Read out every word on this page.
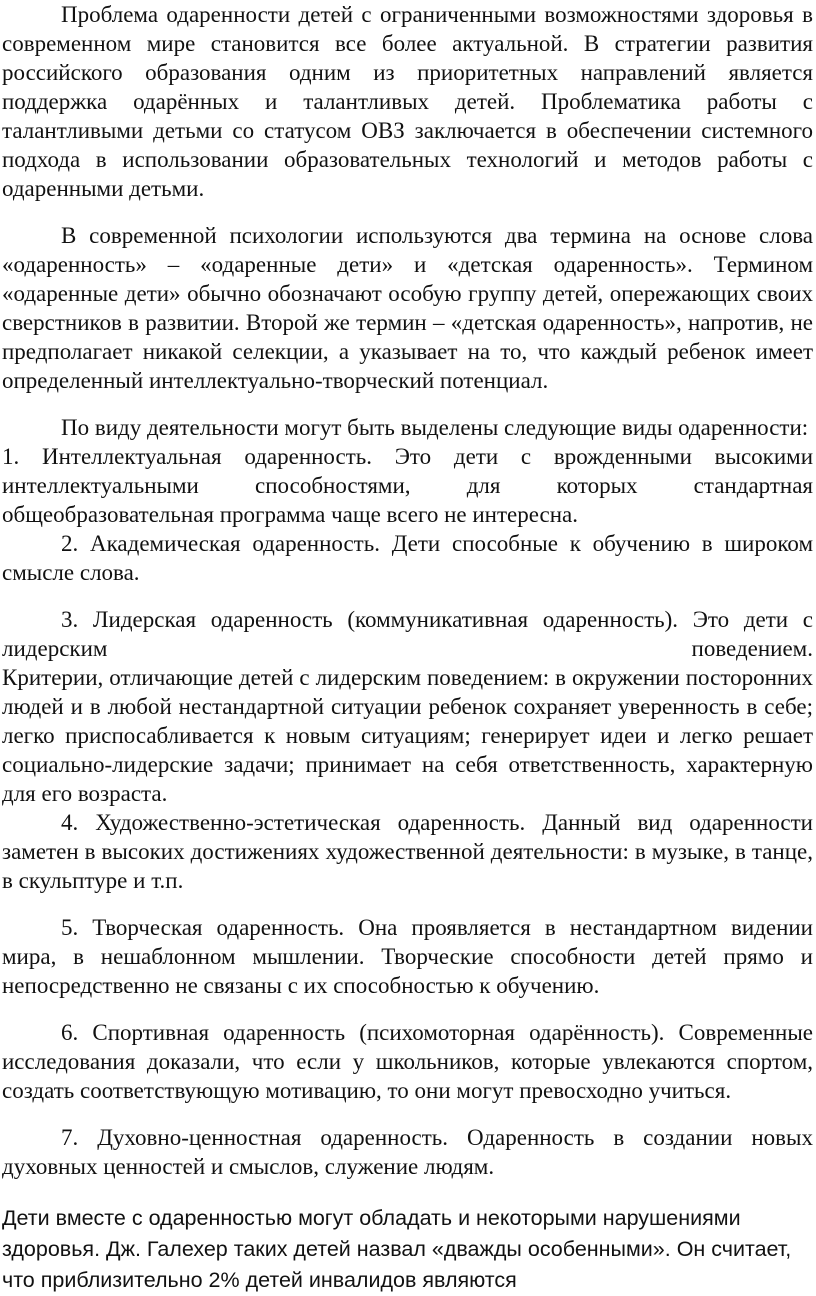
Проблема одаренности детей с ограниченными возможностями здоровья в современном мире становится все более актуальной. В стратегии развития российского образования одним из приоритетных направлений является поддержка одарённых и талантливых детей. Проблематика работы с талантливыми детьми со статусом ОВЗ заключается в обеспечении системного подхода в использовании образовательных технологий и методов работы с одаренными детьми.

В современной психологии используются два термина на основе слова «одаренность» – «одаренные дети» и «детская одаренность». Термином «одаренные дети» обычно обозначают особую группу детей, опережающих своих сверстников в развитии. Второй же термин – «детская одаренность», напротив, не предполагает никакой селекции, а указывает на то, что каждый ребенок имеет определенный интеллектуально-творческий потенциал.

По виду деятельности могут быть выделены следующие виды одаренности:

1. Интеллектуальная одаренность. Это дети с врожденными высокими интеллектуальными способностями, для которых стандартная общеобразовательная программа чаще всего не интересна.

2. Академическая одаренность. Дети способные к обучению в широком смысле слова.

3. Лидерская одаренность (коммуникативная одаренность). Это дети с лидерским поведением.

Критерии, отличающие детей с лидерским поведением: в окружении посторонних людей и в любой нестандартной ситуации ребенок сохраняет уверенность в себе; легко приспосабливается к новым ситуациям; генерирует идеи и легко решает социально-лидерские задачи; принимает на себя ответственность, характерную для его возраста.

4. Художественно-эстетическая одаренность. Данный вид одаренности заметен в высоких достижениях художественной деятельности: в музыке, в танце, в скульптуре и т.п.

5. Творческая одаренность. Она проявляется в нестандартном видении мира, в нешаблонном мышлении. Творческие способности детей прямо и непосредственно не связаны с их способностью к обучению.

6. Спортивная одаренность (психомоторная одарённость). Современные исследования доказали, что если у школьников, которые увлекаются спортом, создать соответствующую мотивацию, то они могут превосходно учиться.

7. Духовно-ценностная одаренность. Одаренность в создании новых духовных ценностей и смыслов, служение людям.

Дети вместе с одаренностью могут обладать и некоторыми нарушениями здоровья. Дж. Галехер таких детей назвал «дважды особенными». Он считает, что приблизительно 2% детей инвалидов являются
